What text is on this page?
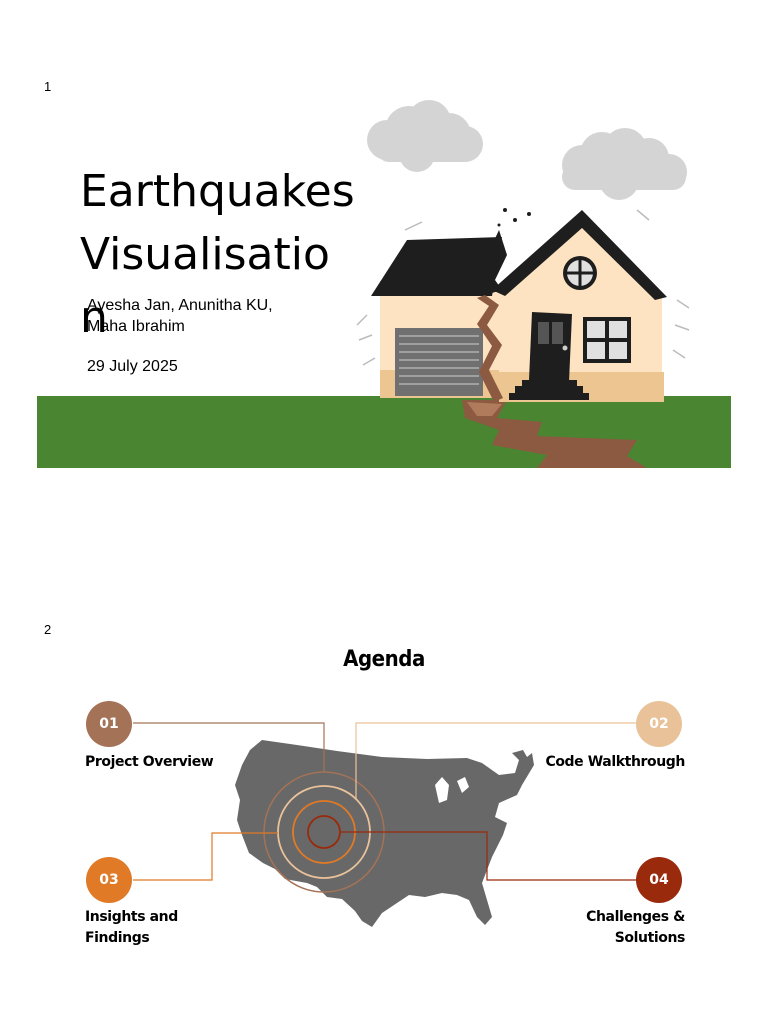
1
Earthquakes Visualisation
Ayesha Jan, Anunitha KU, Maha Ibrahim
29 July 2025
2
Agenda
01
Project Overview
02
Code Walkthrough
03
Insights and Findings
04
Challenges & Solutions
